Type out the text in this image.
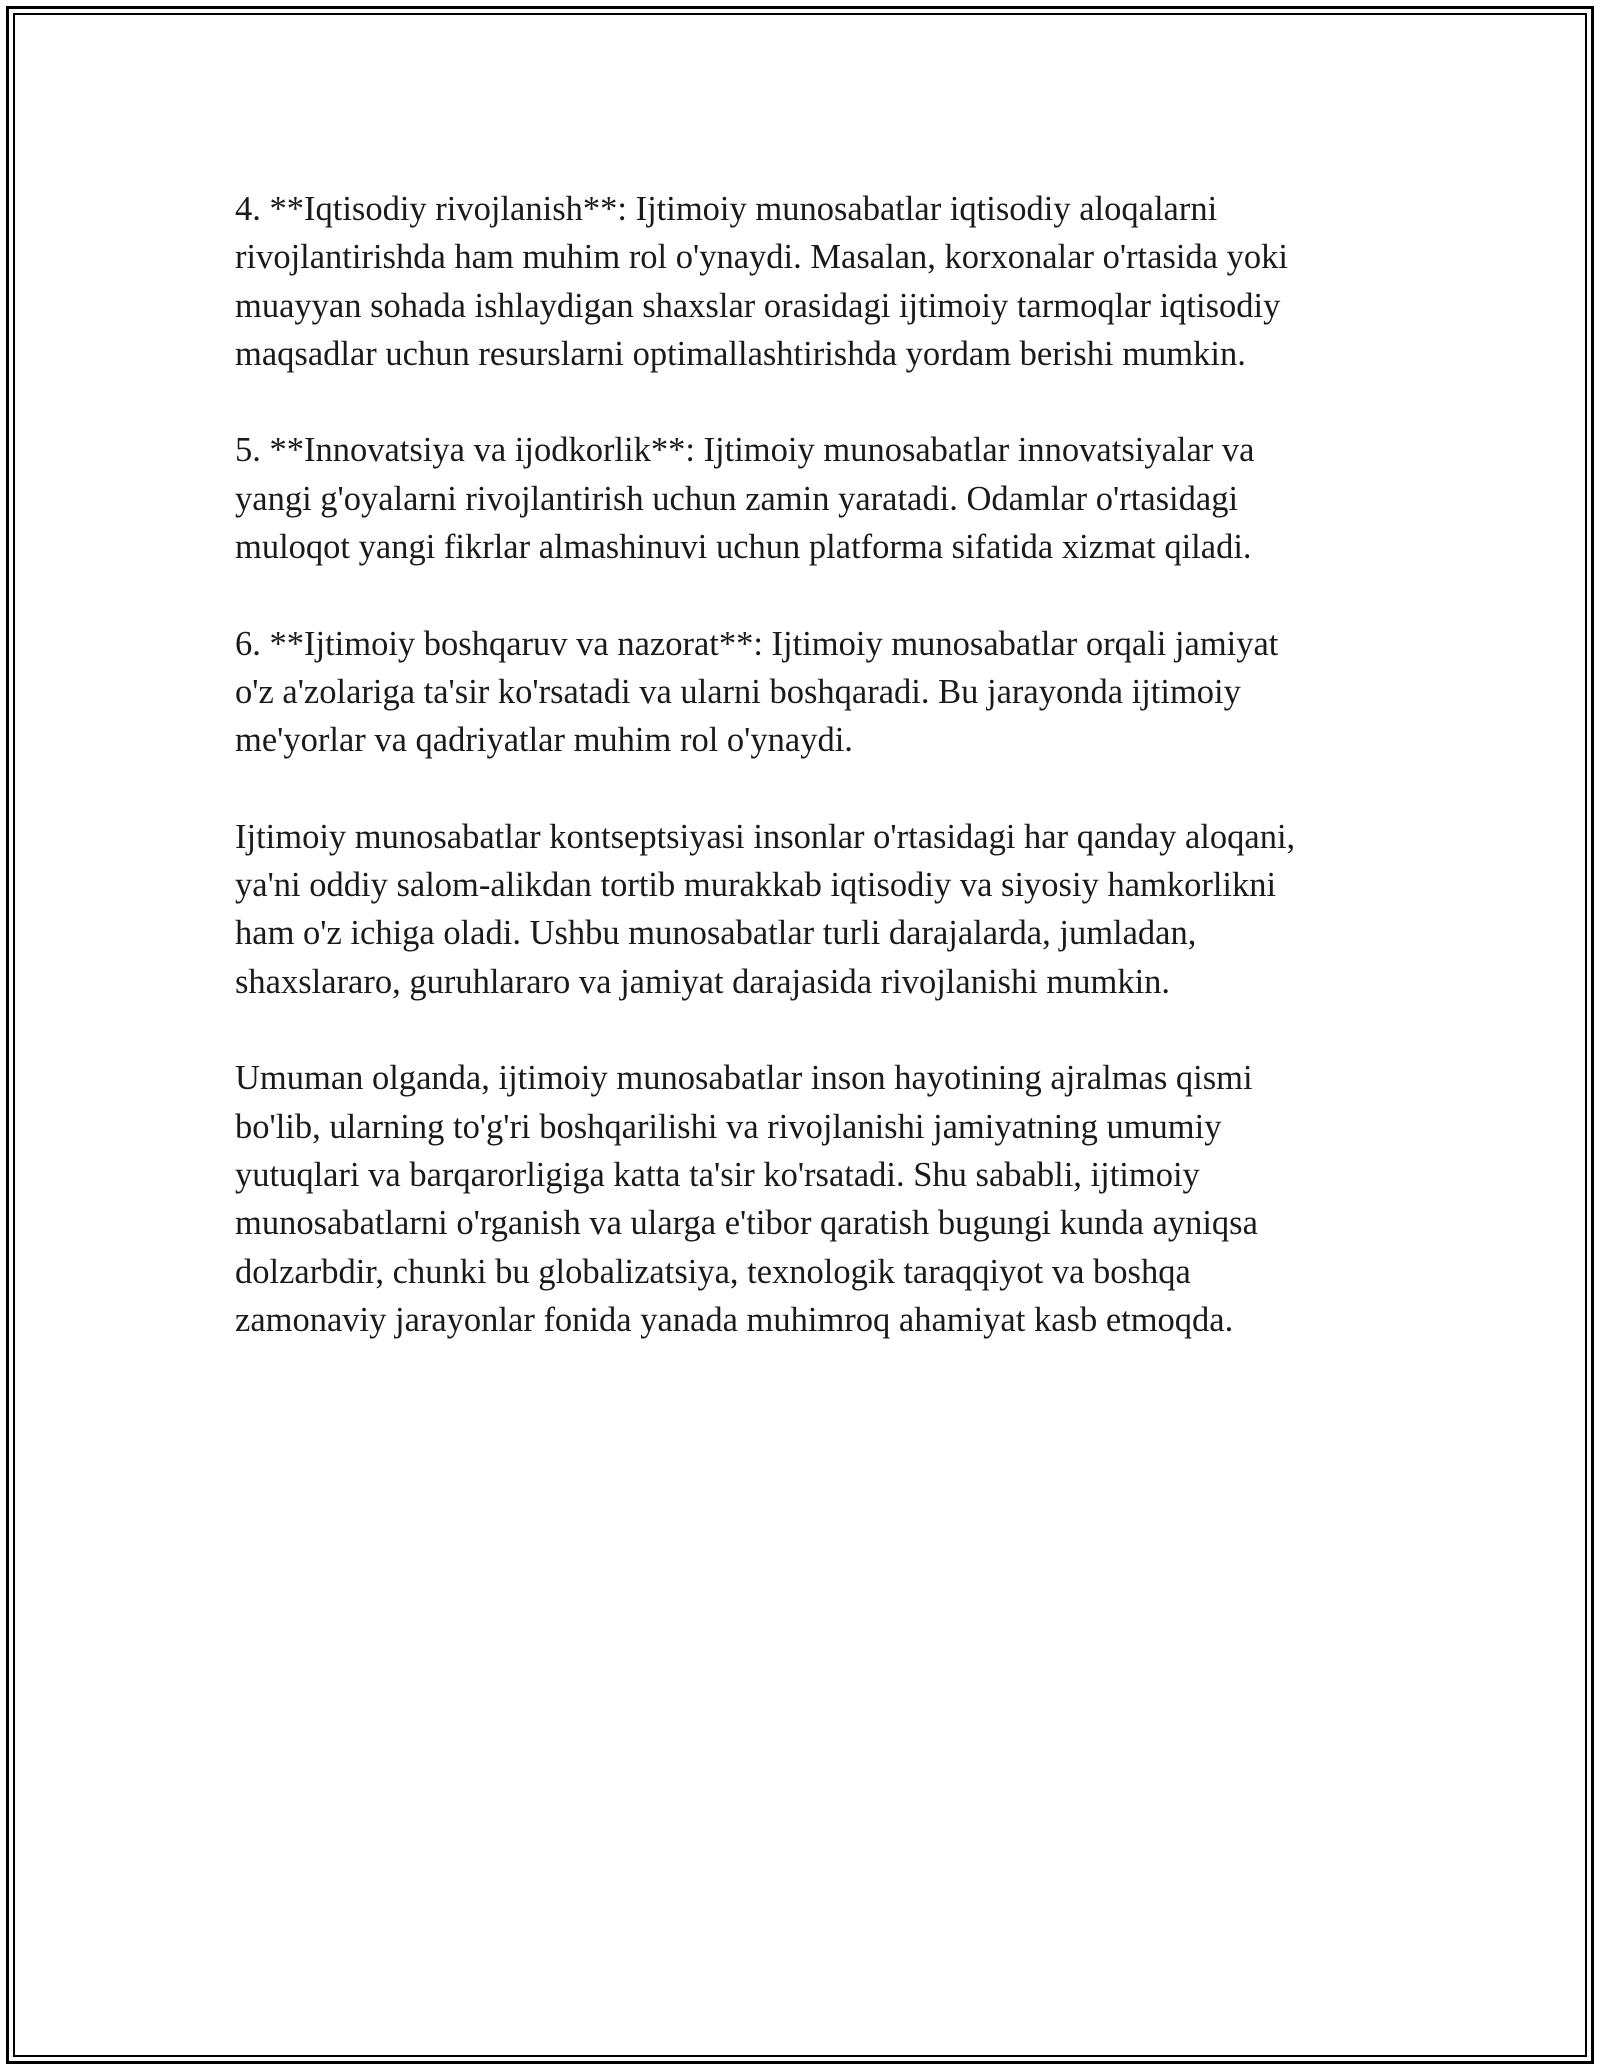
4. **Iqtisodiy rivojlanish**: Ijtimoiy munosabatlar iqtisodiy aloqalarni
rivojlantirishda ham muhim rol o'ynaydi. Masalan, korxonalar o'rtasida yoki
muayyan sohada ishlaydigan shaxslar orasidagi ijtimoiy tarmoqlar iqtisodiy
maqsadlar uchun resurslarni optimallashtirishda yordam berishi mumkin.

5. **Innovatsiya va ijodkorlik**: Ijtimoiy munosabatlar innovatsiyalar va
yangi g'oyalarni rivojlantirish uchun zamin yaratadi. Odamlar o'rtasidagi
muloqot yangi fikrlar almashinuvi uchun platforma sifatida xizmat qiladi.

6. **Ijtimoiy boshqaruv va nazorat**: Ijtimoiy munosabatlar orqali jamiyat
o'z a'zolariga ta'sir ko'rsatadi va ularni boshqaradi. Bu jarayonda ijtimoiy
me'yorlar va qadriyatlar muhim rol o'ynaydi.

Ijtimoiy munosabatlar kontseptsiyasi insonlar o'rtasidagi har qanday aloqani,
ya'ni oddiy salom-alikdan tortib murakkab iqtisodiy va siyosiy hamkorlikni
ham o'z ichiga oladi. Ushbu munosabatlar turli darajalarda, jumladan,
shaxslararo, guruhlararo va jamiyat darajasida rivojlanishi mumkin.

Umuman olganda, ijtimoiy munosabatlar inson hayotining ajralmas qismi
bo'lib, ularning to'g'ri boshqarilishi va rivojlanishi jamiyatning umumiy
yutuqlari va barqarorligiga katta ta'sir ko'rsatadi. Shu sababli, ijtimoiy
munosabatlarni o'rganish va ularga e'tibor qaratish bugungi kunda ayniqsa
dolzarbdir, chunki bu globalizatsiya, texnologik taraqqiyot va boshqa
zamonaviy jarayonlar fonida yanada muhimroq ahamiyat kasb etmoqda.
